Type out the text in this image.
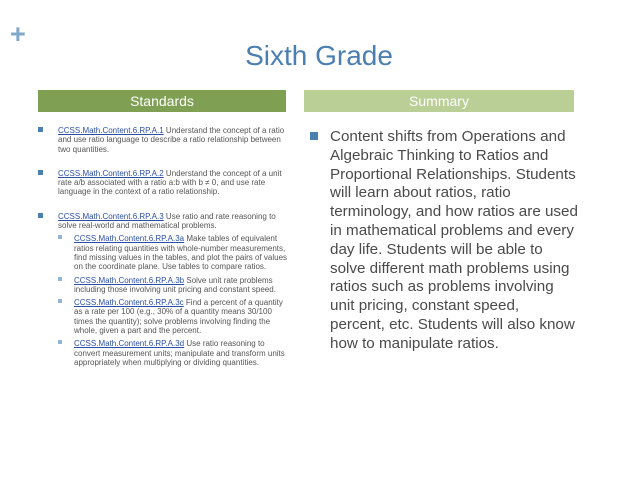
+
Sixth Grade
Standards	Summary
CCSS.Math.Content.6.RP.A.1 Understand the concept of a ratio and use ratio language to describe a ratio relationship between two quantities.
CCSS.Math.Content.6.RP.A.2 Understand the concept of a unit rate a/b associated with a ratio a:b with b ≠ 0, and use rate language in the context of a ratio relationship.
CCSS.Math.Content.6.RP.A.3 Use ratio and rate reasoning to solve real-world and mathematical problems.
CCSS.Math.Content.6.RP.A.3a Make tables of equivalent ratios relating quantities with whole-number measurements, find missing values in the tables, and plot the pairs of values on the coordinate plane. Use tables to compare ratios.
CCSS.Math.Content.6.RP.A.3b Solve unit rate problems including those involving unit pricing and constant speed.
CCSS.Math.Content.6.RP.A.3c Find a percent of a quantity as a rate per 100 (e.g., 30% of a quantity means 30/100 times the quantity); solve problems involving finding the whole, given a part and the percent.
CCSS.Math.Content.6.RP.A.3d Use ratio reasoning to convert measurement units; manipulate and transform units appropriately when multiplying or dividing quantities.
Content shifts from Operations and Algebraic Thinking to Ratios and Proportional Relationships. Students will learn about ratios, ratio terminology, and how ratios are used in mathematical problems and every day life. Students will be able to solve different math problems using ratios such as problems involving unit pricing, constant speed, percent, etc. Students will also know how to manipulate ratios.
